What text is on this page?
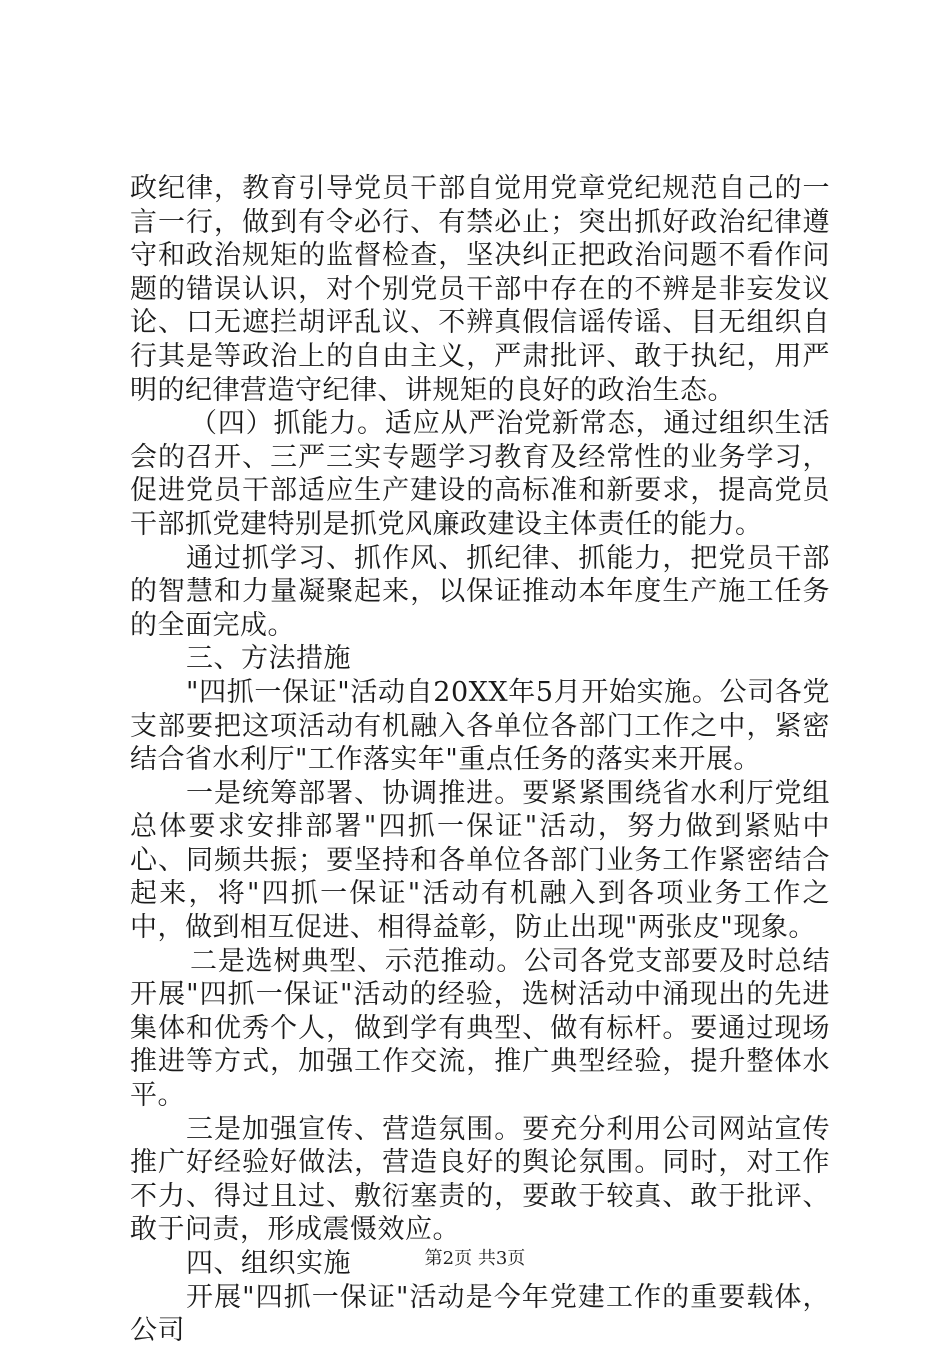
政纪律，教育引导党员干部自觉用党章党纪规范自己的一言一行，做到有令必行、有禁必止；突出抓好政治纪律遵守和政治规矩的监督检查，坚决纠正把政治问题不看作问题的错误认识，对个别党员干部中存在的不辨是非妄发议论、口无遮拦胡评乱议、不辨真假信谣传谣、目无组织自行其是等政治上的自由主义，严肃批评、敢于执纪，用严明的纪律营造守纪律、讲规矩的良好的政治生态。

（四）抓能力。适应从严治党新常态，通过组织生活会的召开、三严三实专题学习教育及经常性的业务学习，促进党员干部适应生产建设的高标准和新要求，提高党员干部抓党建特别是抓党风廉政建设主体责任的能力。

通过抓学习、抓作风、抓纪律、抓能力，把党员干部的智慧和力量凝聚起来，以保证推动本年度生产施工任务的全面完成。

三、方法措施

"四抓一保证"活动自20XX年5月开始实施。公司各党支部要把这项活动有机融入各单位各部门工作之中，紧密结合省水利厅"工作落实年"重点任务的落实来开展。

一是统筹部署、协调推进。要紧紧围绕省水利厅党组总体要求安排部署"四抓一保证"活动，努力做到紧贴中心、同频共振；要坚持和各单位各部门业务工作紧密结合起来，将"四抓一保证"活动有机融入到各项业务工作之中，做到相互促进、相得益彰，防止出现"两张皮"现象。

二是选树典型、示范推动。公司各党支部要及时总结开展"四抓一保证"活动的经验，选树活动中涌现出的先进集体和优秀个人，做到学有典型、做有标杆。要通过现场推进等方式，加强工作交流，推广典型经验，提升整体水平。

三是加强宣传、营造氛围。要充分利用公司网站宣传推广好经验好做法，营造良好的舆论氛围。同时，对工作不力、得过且过、敷衍塞责的，要敢于较真、敢于批评、敢于问责，形成震慑效应。

四、组织实施

开展"四抓一保证"活动是今年党建工作的重要载体，公司

第2页 共3页
